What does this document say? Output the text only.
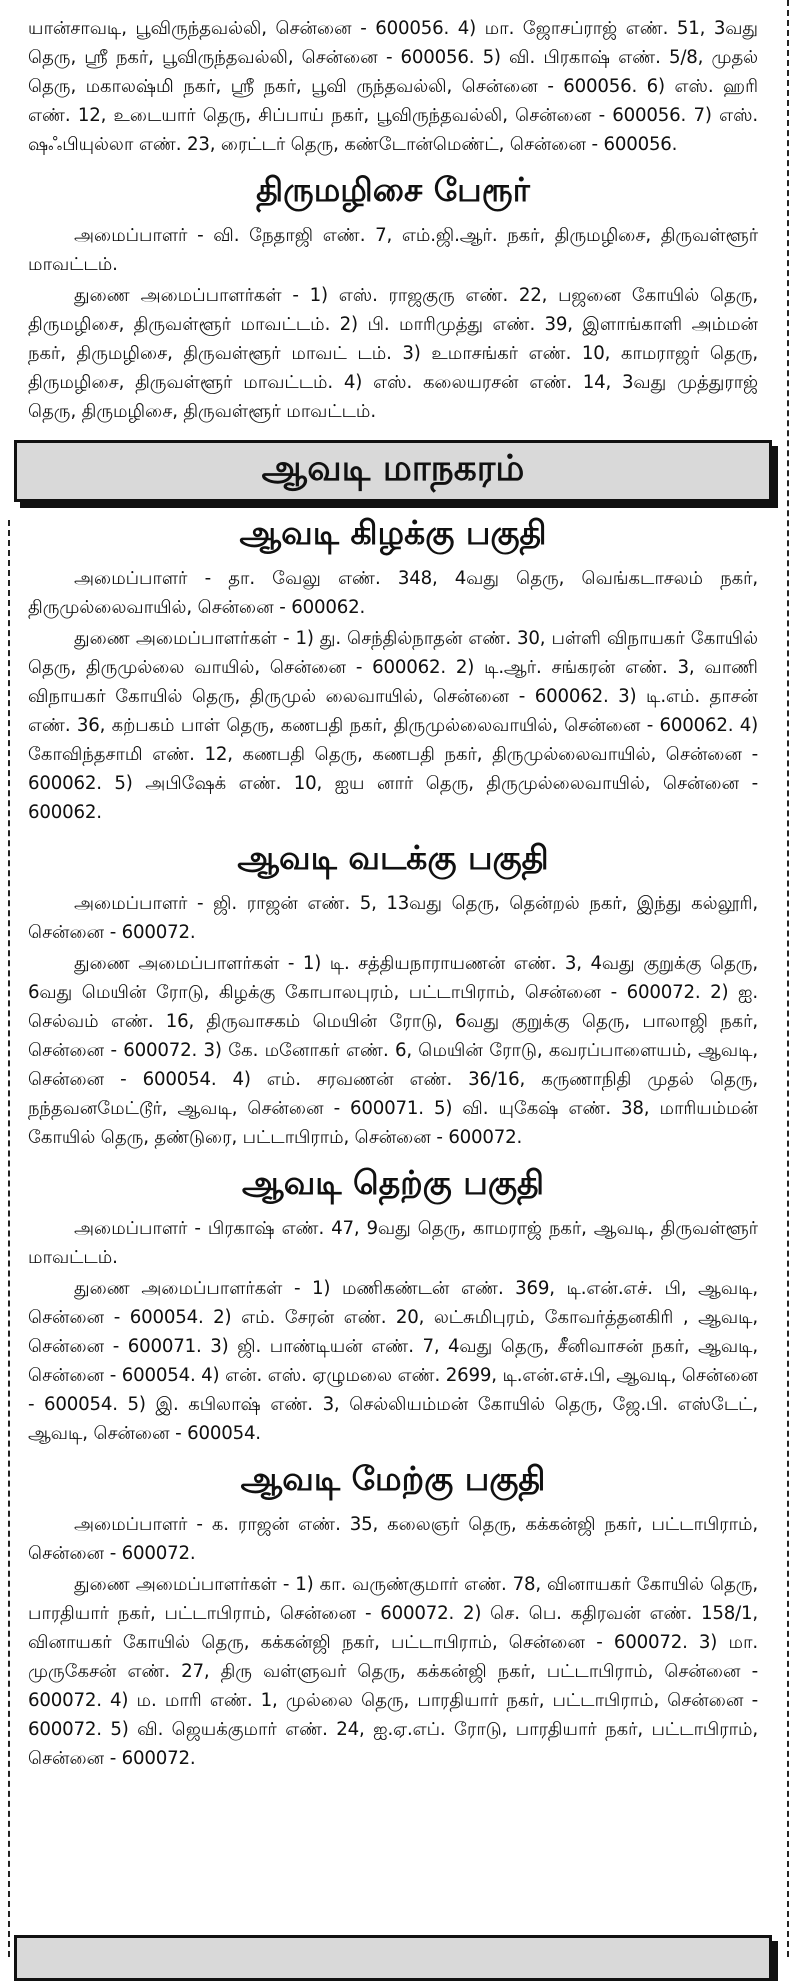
யான்சாவடி, பூவிருந்தவல்லி, சென்னை - 600056. 4) மா. ஜோசப்ராஜ் எண். 51, 3வது தெரு, ஸ்ரீ நகர், பூவிருந்தவல்லி, சென்னை - 600056. 5) வி. பிரகாஷ் எண். 5/8, முதல் தெரு, மகாலஷ்மி நகர், ஸ்ரீ நகர், பூவி ருந்தவல்லி, சென்னை - 600056. 6) எஸ். ஹரி எண். 12, உடையார் தெரு, சிப்பாய் நகர், பூவிருந்தவல்லி, சென்னை - 600056. 7) எஸ். ஷஃபியுல்லா எண். 23, ரைட்டர் தெரு, கண்டோன்மெண்ட், சென்னை - 600056.

திருமழிசை பேரூர்

அமைப்பாளர் - வி. நேதாஜி எண். 7, எம்.ஜி.ஆர். நகர், திருமழிசை, திருவள்ளூர் மாவட்டம்.

துணை அமைப்பாளர்கள் - 1) எஸ். ராஜகுரு எண். 22, பஜனை கோயில் தெரு, திருமழிசை, திருவள்ளூர் மாவட்டம். 2) பி. மாரிமுத்து எண். 39, இளாங்காளி அம்மன் நகர், திருமழிசை, திருவள்ளூர் மாவட் டம். 3) உமாசங்கர் எண். 10, காமராஜர் தெரு, திருமழிசை, திருவள்ளூர் மாவட்டம். 4) எஸ். கலையரசன் எண். 14, 3வது முத்துராஜ் தெரு, திருமழிசை, திருவள்ளூர் மாவட்டம்.

ஆவடி மாநகரம்
ஆவடி கிழக்கு பகுதி

அமைப்பாளர் - தா. வேலு எண். 348, 4வது தெரு, வெங்கடாசலம் நகர், திருமுல்லைவாயில், சென்னை - 600062.

துணை அமைப்பாளர்கள் - 1) து. செந்தில்நாதன் எண். 30, பள்ளி விநாயகர் கோயில் தெரு, திருமுல்லை வாயில், சென்னை - 600062. 2) டி.ஆர். சங்கரன் எண். 3, வாணி விநாயகர் கோயில் தெரு, திருமுல் லைவாயில், சென்னை - 600062. 3) டி.எம். தாசன் எண். 36, கற்பகம் பாள் தெரு, கணபதி நகர், திருமுல்லைவாயில், சென்னை - 600062. 4) கோவிந்தசாமி எண். 12, கணபதி தெரு, கணபதி நகர், திருமுல்லைவாயில், சென்னை - 600062. 5) அபிஷேக் எண். 10, ஐய னார் தெரு, திருமுல்லைவாயில், சென்னை - 600062.

ஆவடி வடக்கு பகுதி

அமைப்பாளர் - ஜி. ராஜன் எண். 5, 13வது தெரு, தென்றல் நகர், இந்து கல்லூரி, சென்னை - 600072.

துணை அமைப்பாளர்கள் - 1) டி. சத்தியநாராயணன் எண். 3, 4வது குறுக்கு தெரு, 6வது மெயின் ரோடு, கிழக்கு கோபாலபுரம், பட்டாபிராம், சென்னை - 600072. 2) ஐ. செல்வம் எண். 16, திருவாசகம் மெயின் ரோடு, 6வது குறுக்கு தெரு, பாலாஜி நகர், சென்னை - 600072. 3) கே. மனோகர் எண். 6, மெயின் ரோடு, கவரப்பாளையம், ஆவடி, சென்னை - 600054. 4) எம். சரவணன் எண். 36/16, கருணாநிதி முதல் தெரு, நந்தவனமேட்டூர், ஆவடி, சென்னை - 600071. 5) வி. யுகேஷ் எண். 38, மாரியம்மன் கோயில் தெரு, தண்டுரை, பட்டாபிராம், சென்னை - 600072.

ஆவடி தெற்கு பகுதி

அமைப்பாளர் - பிரகாஷ் எண். 47, 9வது தெரு, காமராஜ் நகர், ஆவடி, திருவள்ளூர் மாவட்டம்.

துணை அமைப்பாளர்கள் - 1) மணிகண்டன் எண். 369, டி.என்.எச். பி, ஆவடி, சென்னை - 600054. 2) எம். சேரன் எண். 20, லட்சுமிபுரம், கோவர்த்தனகிரி , ஆவடி, சென்னை - 600071. 3) ஜி. பாண்டியன் எண். 7, 4வது தெரு, சீனிவாசன் நகர், ஆவடி, சென்னை - 600054. 4) என். எஸ். ஏழுமலை எண். 2699, டி.என்.எச்.பி, ஆவடி, சென்னை - 600054. 5) இ. கபிலாஷ் எண். 3, செல்லியம்மன் கோயில் தெரு, ஜே.பி. எஸ்டேட், ஆவடி, சென்னை - 600054.

ஆவடி மேற்கு பகுதி

அமைப்பாளர் - க. ராஜன் எண். 35, கலைஞர் தெரு, கக்கன்ஜி நகர், பட்டாபிராம், சென்னை - 600072.

துணை அமைப்பாளர்கள் - 1) கா. வருண்குமார் எண். 78, வினாயகர் கோயில் தெரு, பாரதியார் நகர், பட்டாபிராம், சென்னை - 600072. 2) செ. பெ. கதிரவன் எண். 158/1, வினாயகர் கோயில் தெரு, கக்கன்ஜி நகர், பட்டாபிராம், சென்னை - 600072. 3) மா. முருகேசன் எண். 27, திரு வள்ளுவர் தெரு, கக்கன்ஜி நகர், பட்டாபிராம், சென்னை - 600072. 4) ம. மாரி எண். 1, முல்லை தெரு, பாரதியார் நகர், பட்டாபிராம், சென்னை - 600072. 5) வி. ஜெயக்குமார் எண். 24, ஐ.ஏ.எப். ரோடு, பாரதியார் நகர், பட்டாபிராம், சென்னை - 600072.
